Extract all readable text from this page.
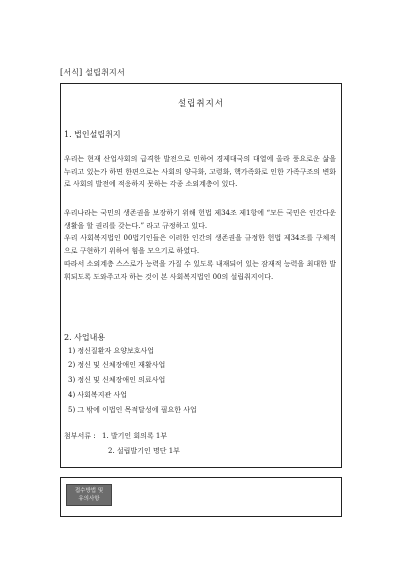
[서식] 설립취지서
설립취지서
1. 법인설립취지

우리는 현재 산업사회의 급격한 발전으로 인하여 경제대국의 대열에 올라 풍요로운 삶을 누리고 있는가 하면 한편으로는 사회의 양극화, 고령화, 핵가족화로 인한 가족구조의 변화로 사회의 발전에 적응하지 못하는 각종 소외계층이 있다.

우리나라는 국민의 생존권을 보장하기 위해 헌법 제34조 제1항에 “모든 국민은 인간다운 생활을 할 권리를 갖는다.” 라고 규정하고 있다.

우리 사회복지법인 00법기인들은 이러한 인간의 생존권을 규정한 헌법 제34조를 구체적으로 구현하기 위하여 힘을 모으기로 하였다.

따라서 소외계층 스스로가 능력을 가질 수 있도록 내재되어 있는 잠재적 능력을 최대한 발휘되도록 도와주고자 하는 것이 본 사회복지법인 00의 설립취지이다.

2. 사업내용
1) 정신질환자 요양보호사업
2) 정신 및 신체장애인 재활사업
3) 정신 및 신체장애인 의료사업
4) 사회복지관 사업
5) 그 밖에 이법인 목적달성에 필요한 사업
첨부서류 : 1. 발기인 회의록 1부
2. 설립발기인 명단 1부
접수방법 및
유의사항
